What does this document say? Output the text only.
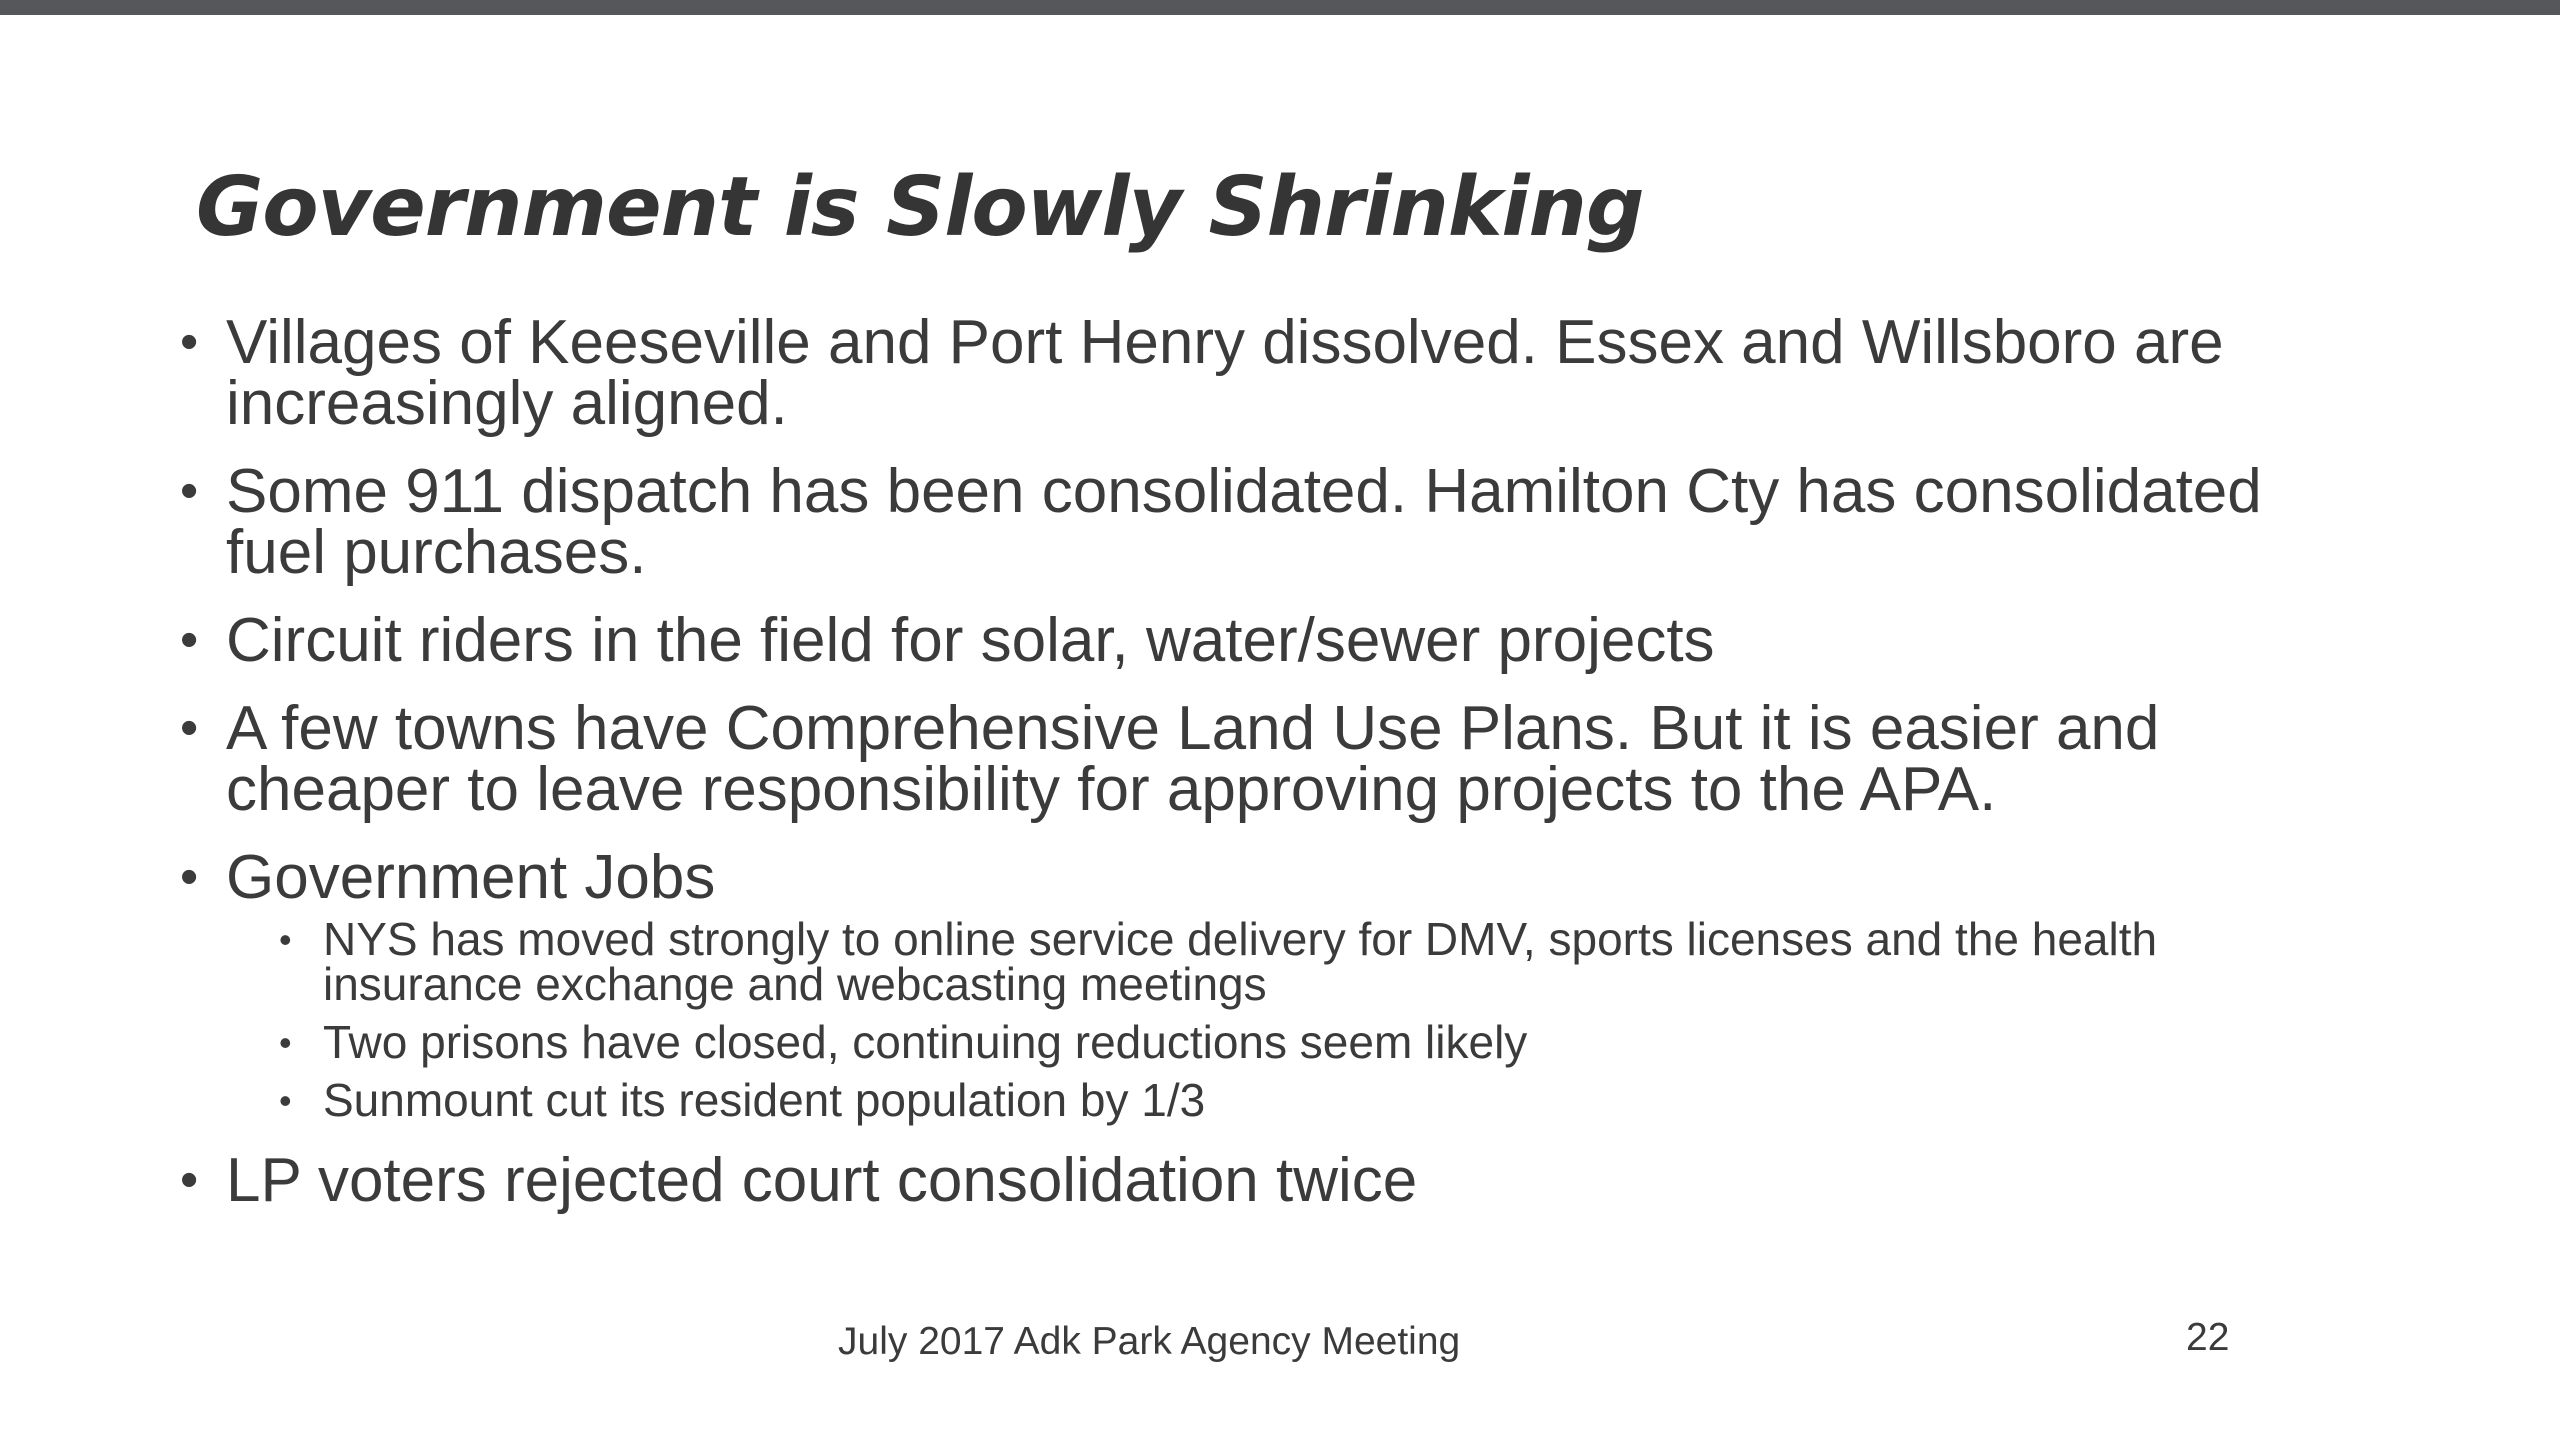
Government is Slowly Shrinking
• Villages of Keeseville and Port Henry dissolved. Essex and Willsboro are increasingly aligned.
• Some 911 dispatch has been consolidated. Hamilton Cty has consolidated fuel purchases.
• Circuit riders in the field for solar, water/sewer projects
• A few towns have Comprehensive Land Use Plans. But it is easier and cheaper to leave responsibility for approving projects to the APA.
• Government Jobs
• NYS has moved strongly to online service delivery for DMV, sports licenses and the health insurance exchange and webcasting meetings
• Two prisons have closed, continuing reductions seem likely
• Sunmount cut its resident population by 1/3
• LP voters rejected court consolidation twice
July 2017 Adk Park Agency Meeting	22
